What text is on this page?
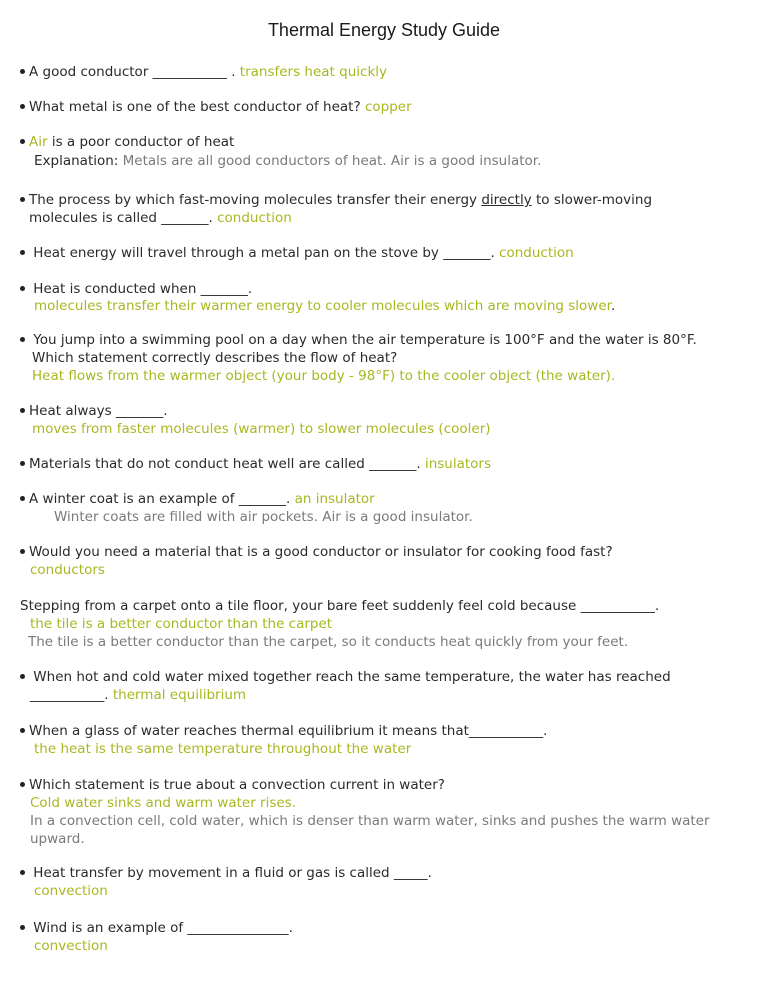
Thermal Energy Study Guide
A good conductor ___________ . transfers heat quickly
What metal is one of the best conductor of heat? copper
Air is a poor conductor of heat
Explanation: Metals are all good conductors of heat. Air is a good insulator.
The process by which fast-moving molecules transfer their energy directly to slower-moving
molecules is called _______. conduction
Heat energy will travel through a metal pan on the stove by _______. conduction
Heat is conducted when _______.
molecules transfer their warmer energy to cooler molecules which are moving slower.
You jump into a swimming pool on a day when the air temperature is 100°F and the water is 80°F.
Which statement correctly describes the flow of heat?
Heat flows from the warmer object (your body - 98°F) to the cooler object (the water).
Heat always _______.
moves from faster molecules (warmer) to slower molecules (cooler)
Materials that do not conduct heat well are called _______. insulators
A winter coat is an example of _______. an insulator
Winter coats are filled with air pockets. Air is a good insulator.
Would you need a material that is a good conductor or insulator for cooking food fast?
conductors
Stepping from a carpet onto a tile floor, your bare feet suddenly feel cold because ___________.
the tile is a better conductor than the carpet
The tile is a better conductor than the carpet, so it conducts heat quickly from your feet.
When hot and cold water mixed together reach the same temperature, the water has reached
___________. thermal equilibrium
When a glass of water reaches thermal equilibrium it means that___________.
the heat is the same temperature throughout the water
Which statement is true about a convection current in water?
Cold water sinks and warm water rises.
In a convection cell, cold water, which is denser than warm water, sinks and pushes the warm water
upward.
Heat transfer by movement in a fluid or gas is called _____.
convection
Wind is an example of _______________.
convection
